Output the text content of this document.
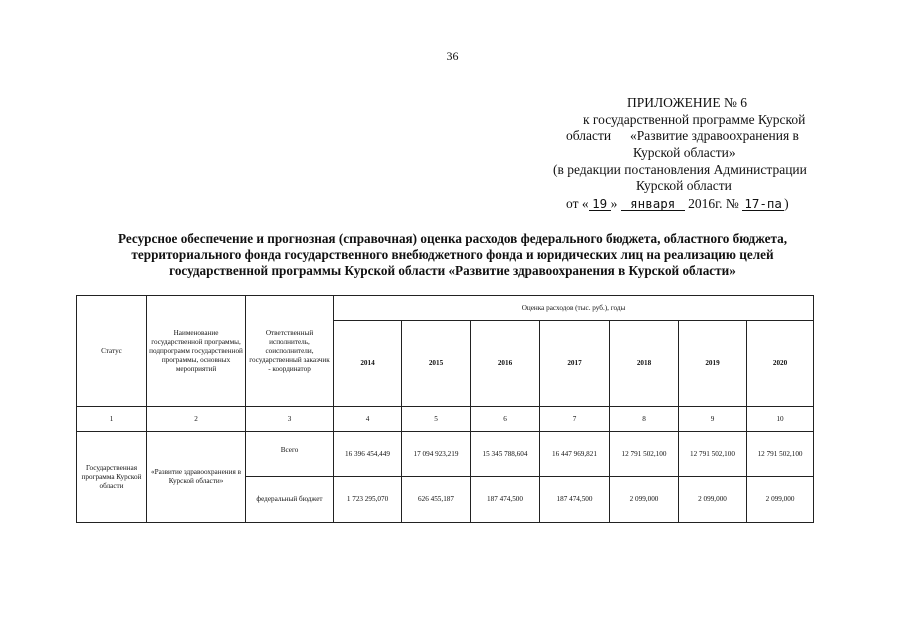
36
ПРИЛОЖЕНИЕ № 6
к государственной программе Курской
области «Развитие здравоохранения в
Курской области»
(в редакции постановления Администрации
Курской области
от « 19 » января 2016г. № 17-па )
Ресурсное обеспечение и прогнозная (справочная) оценка расходов федерального бюджета, областного бюджета,
территориального фонда государственного внебюджетного фонда и юридических лиц на реализацию целей
государственной программы Курской области «Развитие здравоохранения в Курской области»
Статус	Наименование государственной программы, подпрограмм государственной программы, основных мероприятий	Ответственный исполнитель, соисполнители, государственный заказчик - координатор	Оценка расходов (тыс. руб.), годы						
			2014	2015	2016	2017	2018	2019	2020
1	2	3	4	5	6	7	8	9	10
Государственная программа Курской области	«Развитие здравоохранения в Курской области»	Всего	16 396 454,449	17 094 923,219	15 345 788,604	16 447 969,821	12 791 502,100	12 791 502,100	12 791 502,100
		федеральный бюджет	1 723 295,070	626 455,187	187 474,500	187 474,500	2 099,000	2 099,000	2 099,000
